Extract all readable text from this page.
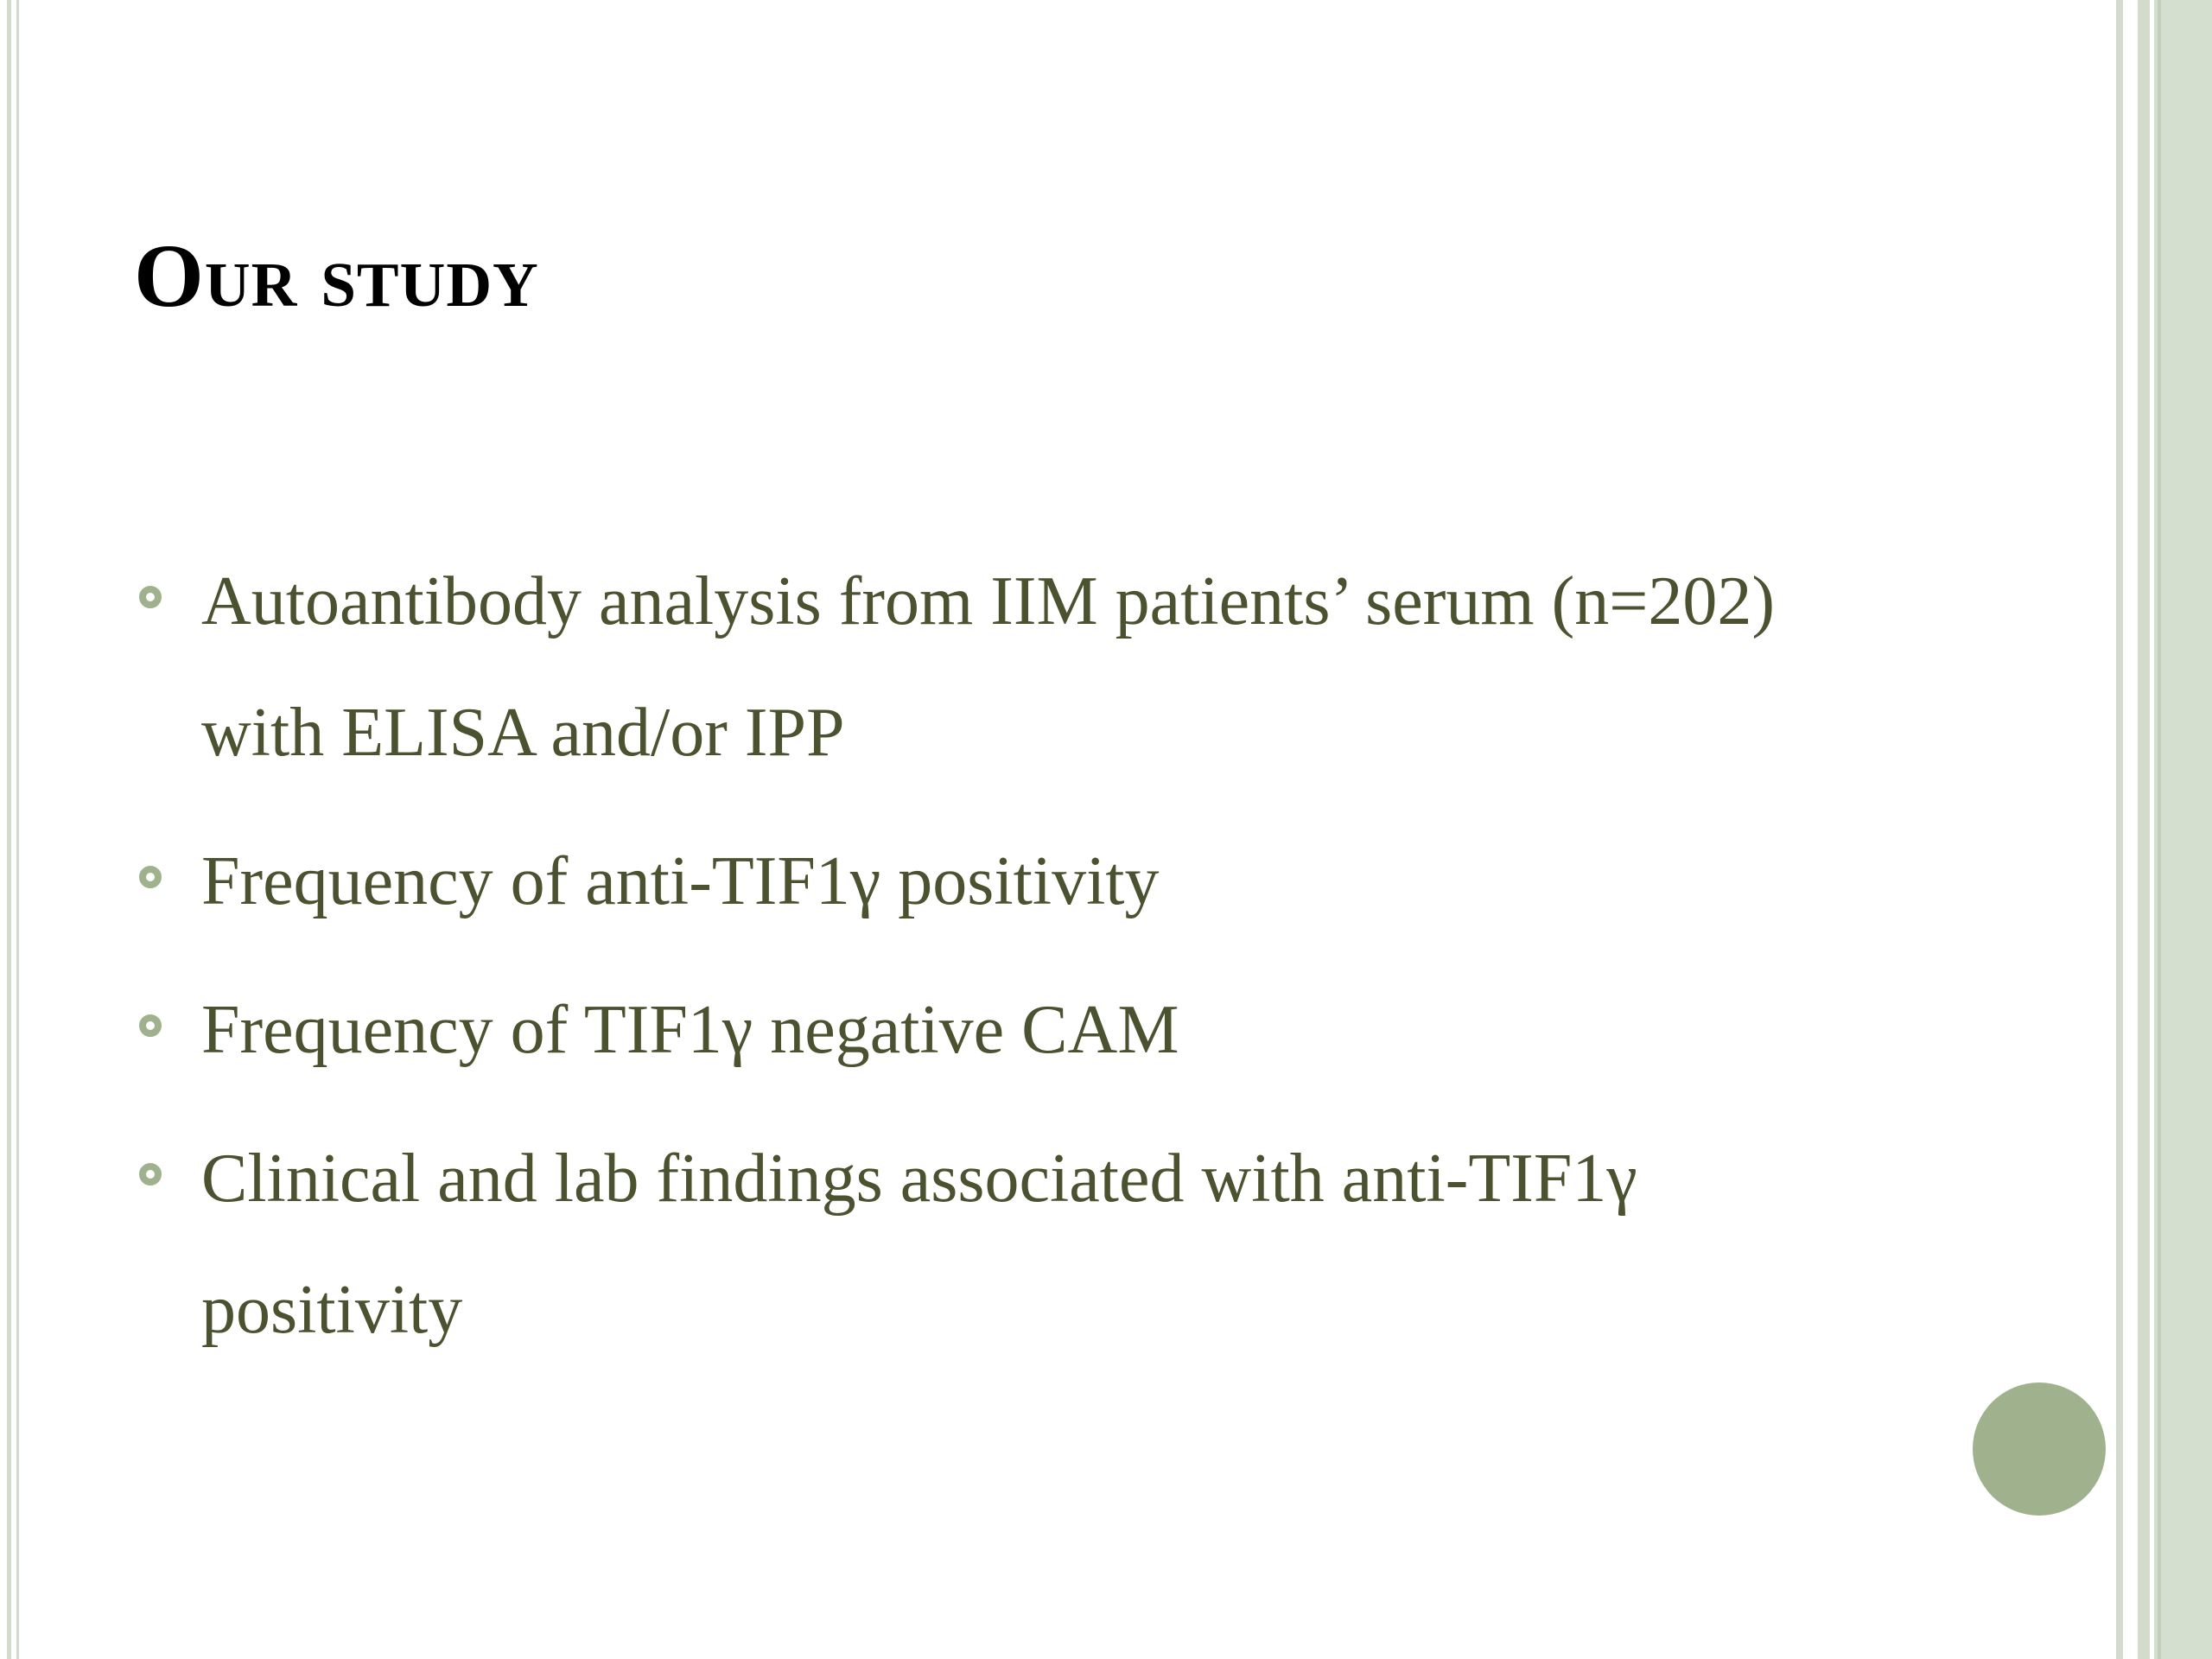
Our study
Autoantibody analysis from IIM patients’ serum (n=202) with ELISA and/or IPP
Frequency of anti-TIF1γ positivity
Frequency of TIF1γ negative CAM
Clinical and lab findings associated with anti-TIF1γ positivity
